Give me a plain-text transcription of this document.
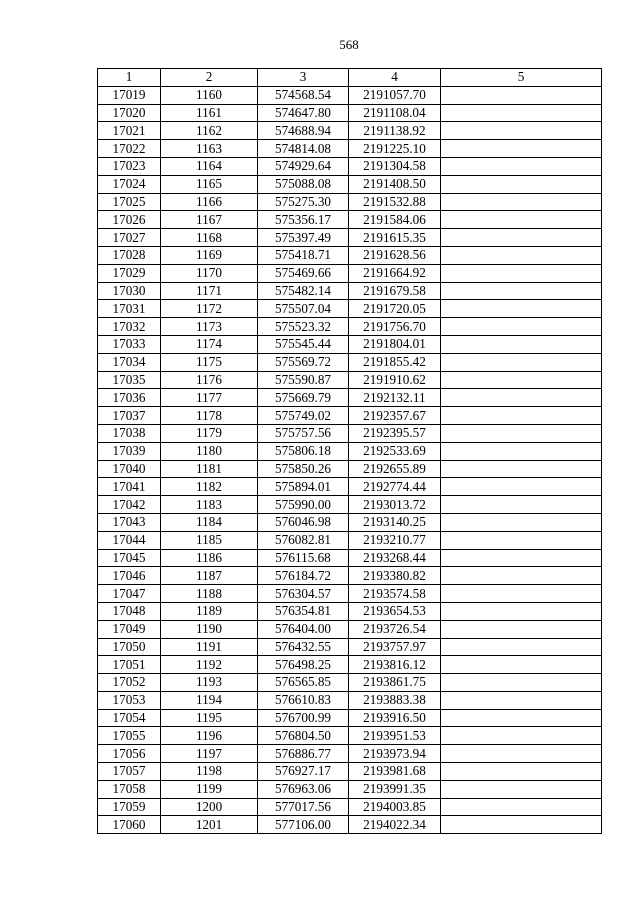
568
1	2	3	4	5
17019	1160	574568.54	2191057.70	
17020	1161	574647.80	2191108.04	
17021	1162	574688.94	2191138.92	
17022	1163	574814.08	2191225.10	
17023	1164	574929.64	2191304.58	
17024	1165	575088.08	2191408.50	
17025	1166	575275.30	2191532.88	
17026	1167	575356.17	2191584.06	
17027	1168	575397.49	2191615.35	
17028	1169	575418.71	2191628.56	
17029	1170	575469.66	2191664.92	
17030	1171	575482.14	2191679.58	
17031	1172	575507.04	2191720.05	
17032	1173	575523.32	2191756.70	
17033	1174	575545.44	2191804.01	
17034	1175	575569.72	2191855.42	
17035	1176	575590.87	2191910.62	
17036	1177	575669.79	2192132.11	
17037	1178	575749.02	2192357.67	
17038	1179	575757.56	2192395.57	
17039	1180	575806.18	2192533.69	
17040	1181	575850.26	2192655.89	
17041	1182	575894.01	2192774.44	
17042	1183	575990.00	2193013.72	
17043	1184	576046.98	2193140.25	
17044	1185	576082.81	2193210.77	
17045	1186	576115.68	2193268.44	
17046	1187	576184.72	2193380.82	
17047	1188	576304.57	2193574.58	
17048	1189	576354.81	2193654.53	
17049	1190	576404.00	2193726.54	
17050	1191	576432.55	2193757.97	
17051	1192	576498.25	2193816.12	
17052	1193	576565.85	2193861.75	
17053	1194	576610.83	2193883.38	
17054	1195	576700.99	2193916.50	
17055	1196	576804.50	2193951.53	
17056	1197	576886.77	2193973.94	
17057	1198	576927.17	2193981.68	
17058	1199	576963.06	2193991.35	
17059	1200	577017.56	2194003.85	
17060	1201	577106.00	2194022.34	
